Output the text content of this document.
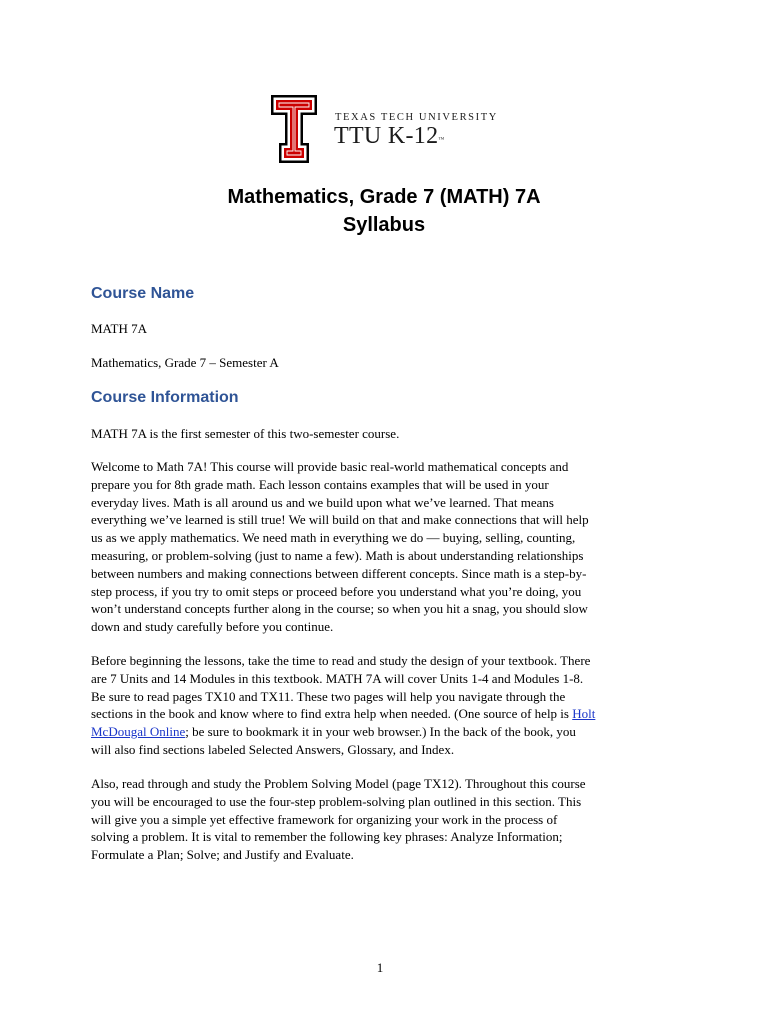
TEXAS TECH UNIVERSITY
TTU K-12™
Mathematics, Grade 7 (MATH) 7A
Syllabus
Course Name
MATH 7A
Mathematics, Grade 7 – Semester A
Course Information
MATH 7A is the first semester of this two-semester course.
Welcome to Math 7A! This course will provide basic real-world mathematical concepts and
prepare you for 8th grade math. Each lesson contains examples that will be used in your
everyday lives. Math is all around us and we build upon what we’ve learned. That means
everything we’ve learned is still true! We will build on that and make connections that will help
us as we apply mathematics. We need math in everything we do — buying, selling, counting,
measuring, or problem-solving (just to name a few). Math is about understanding relationships
between numbers and making connections between different concepts. Since math is a step-by-
step process, if you try to omit steps or proceed before you understand what you’re doing, you
won’t understand concepts further along in the course; so when you hit a snag, you should slow
down and study carefully before you continue.
Before beginning the lessons, take the time to read and study the design of your textbook. There
are 7 Units and 14 Modules in this textbook. MATH 7A will cover Units 1-4 and Modules 1-8.
Be sure to read pages TX10 and TX11. These two pages will help you navigate through the
sections in the book and know where to find extra help when needed. (One source of help is Holt
McDougal Online; be sure to bookmark it in your web browser.) In the back of the book, you
will also find sections labeled Selected Answers, Glossary, and Index.
Also, read through and study the Problem Solving Model (page TX12). Throughout this course
you will be encouraged to use the four-step problem-solving plan outlined in this section. This
will give you a simple yet effective framework for organizing your work in the process of
solving a problem. It is vital to remember the following key phrases: Analyze Information;
Formulate a Plan; Solve; and Justify and Evaluate.
1
